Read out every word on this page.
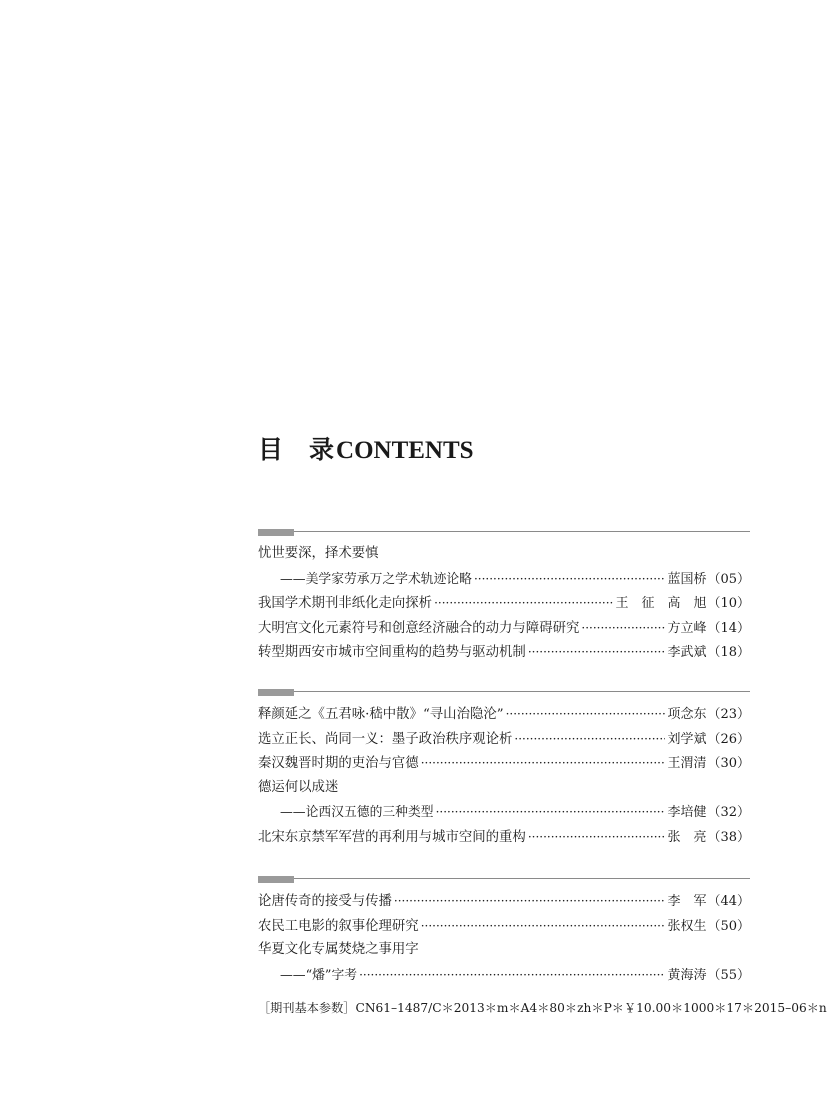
目 录CONTENTS
忧世要深，择术要慎
——美学家劳承万之学术轨迹论略 ·····	蓝国桥 （05）
我国学术期刊非纸化走向探析 ·····	王　征　高　旭 （10）
大明宫文化元素符号和创意经济融合的动力与障碍研究 ·····	方立峰 （14）
转型期西安市城市空间重构的趋势与驱动机制 ·····	李武斌 （18）
释颜延之《五君咏·嵇中散》“寻山治隐沦” ·····	项念东 （23）
选立正长、尚同一义：墨子政治秩序观论析 ·····	刘学斌 （26）
秦汉魏晋时期的吏治与官德 ·····	王渭清 （30）
德运何以成迷
——论西汉五德的三种类型 ·····	李培健 （32）
北宋东京禁军军营的再利用与城市空间的重构 ·····	张　亮 （38）
论唐传奇的接受与传播 ·····	李　军 （44）
农民工电影的叙事伦理研究 ·····	张权生 （50）
华夏文化专属焚烧之事用字
——“燔”字考 ·····	黄海涛 （55）
［期刊基本参数］CN61–1487/C＊2013＊m＊A4＊80＊zh＊P＊￥10.00＊1000＊17＊2015–06＊n
